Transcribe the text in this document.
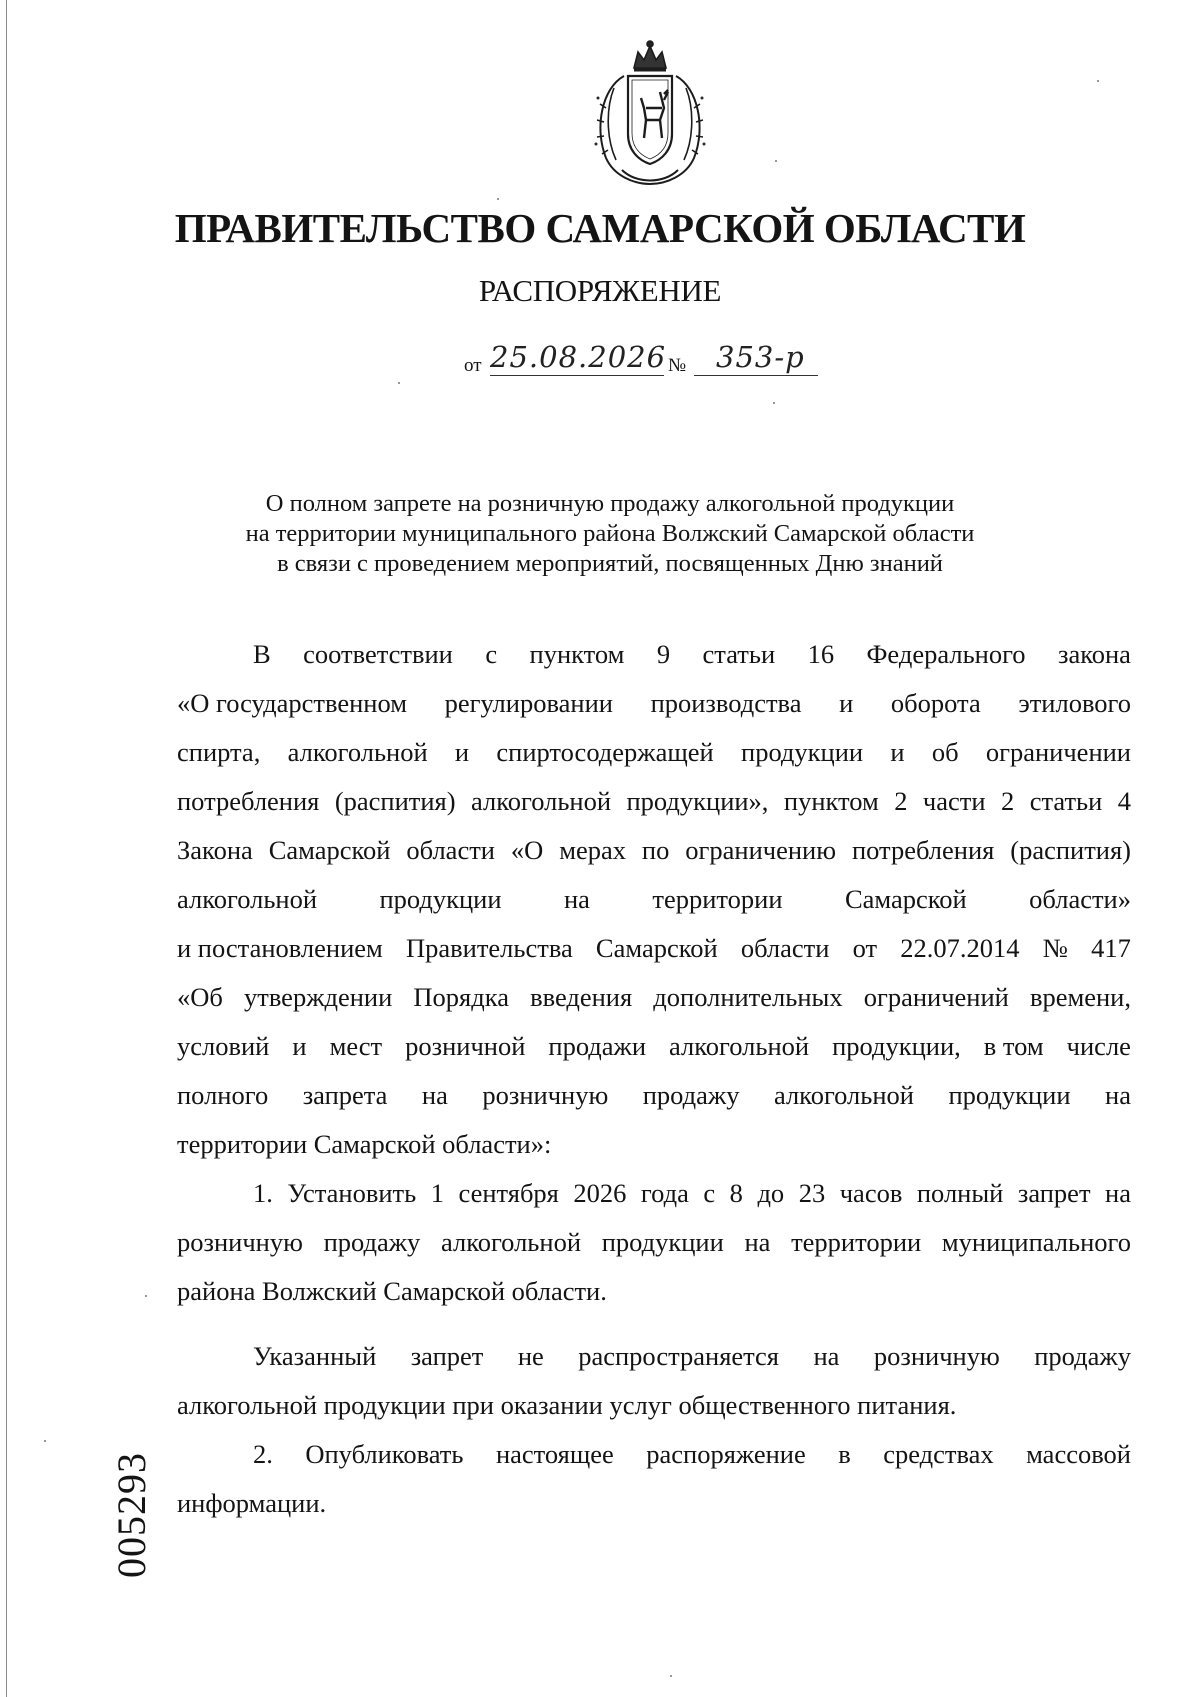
ПРАВИТЕЛЬСТВО САМАРСКОЙ ОБЛАСТИ
РАСПОРЯЖЕНИЕ
от 25.08.2026 № 353-р
О полном запрете на розничную продажу алкогольной продукции
на территории муниципального района Волжский Самарской области
в связи с проведением мероприятий, посвященных Дню знаний
В соответствии с пунктом 9 статьи 16 Федерального закона
«О государственном регулировании производства и оборота этилового
спирта, алкогольной и спиртосодержащей продукции и об ограничении
потребления (распития) алкогольной продукции», пунктом 2 части 2 статьи 4
Закона Самарской области «О мерах по ограничению потребления (распития)
алкогольной продукции на территории Самарской области»
и постановлением Правительства Самарской области от 22.07.2014 № 417
«Об утверждении Порядка введения дополнительных ограничений времени,
условий и мест розничной продажи алкогольной продукции, в том числе
полного запрета на розничную продажу алкогольной продукции на
территории Самарской области»:
1. Установить 1 сентября 2026 года с 8 до 23 часов полный запрет на
розничную продажу алкогольной продукции на территории муниципального
района Волжский Самарской области.
Указанный запрет не распространяется на розничную продажу
алкогольной продукции при оказании услуг общественного питания.
2. Опубликовать настоящее распоряжение в средствах массовой
информации.
005293
